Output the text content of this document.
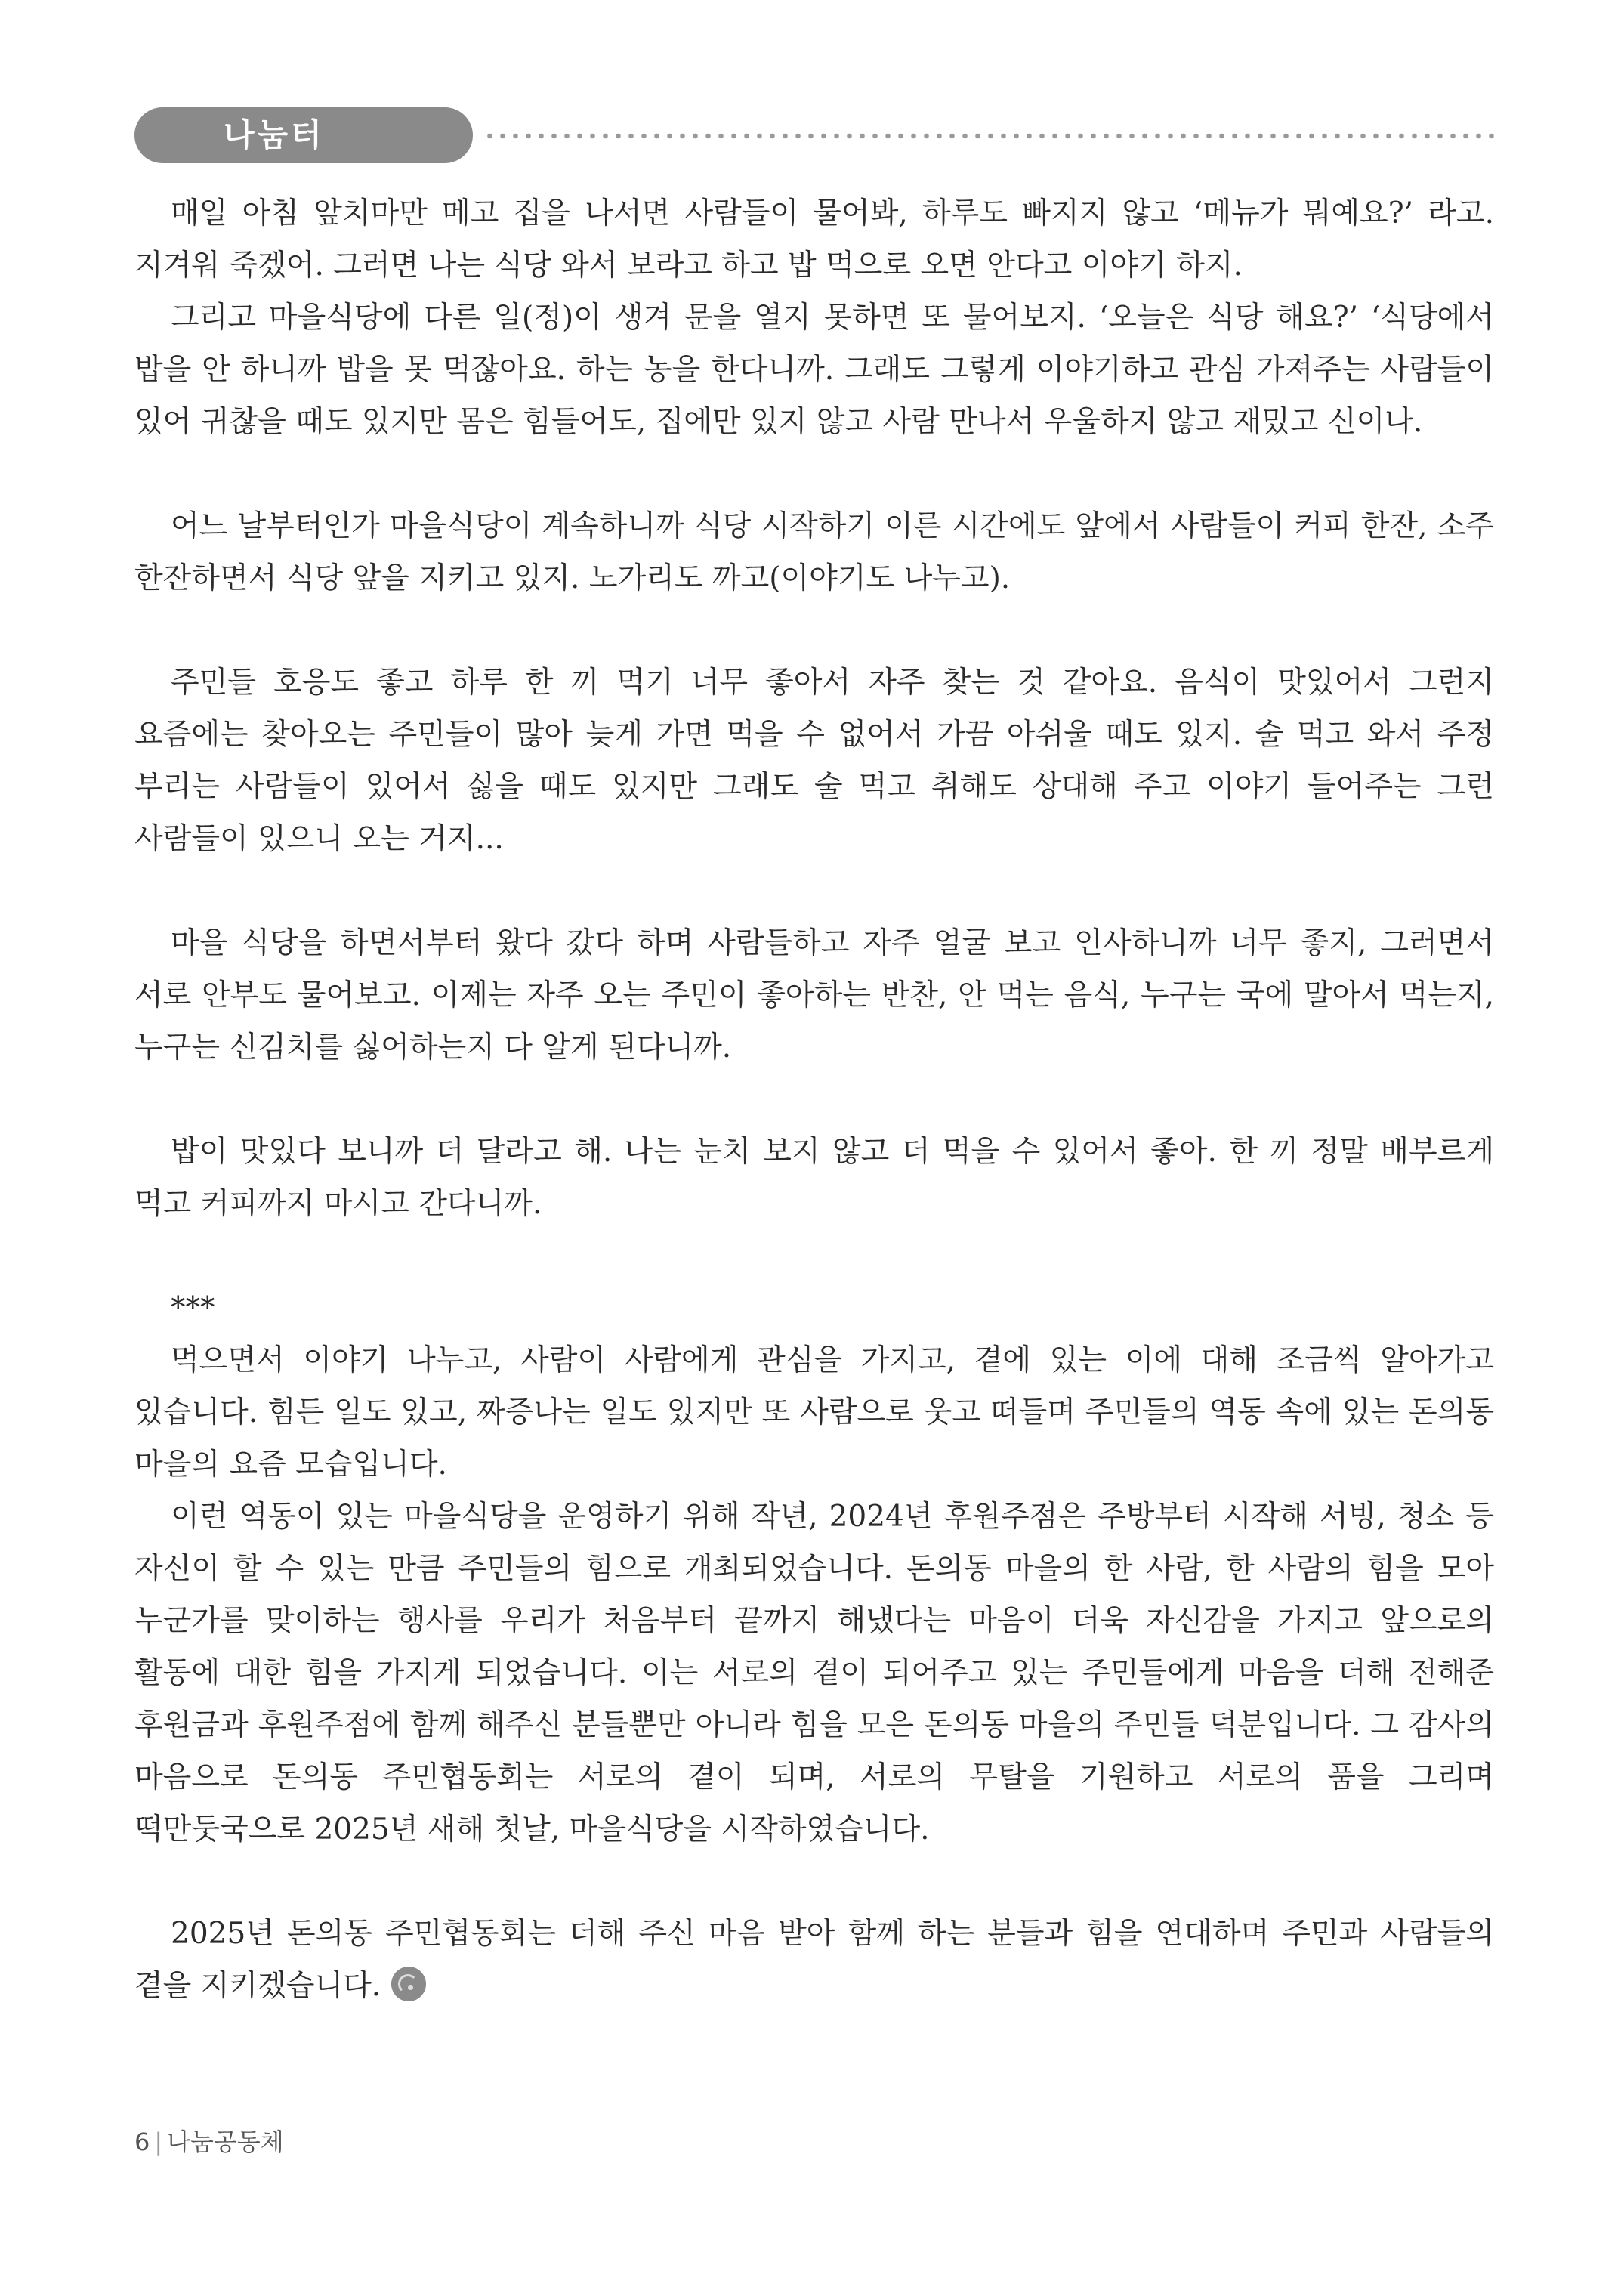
나눔터

매일 아침 앞치마만 메고 집을 나서면 사람들이 물어봐, 하루도 빠지지 않고 ‘메뉴가 뭐예요?’ 라고. 지겨워 죽겠어. 그러면 나는 식당 와서 보라고 하고 밥 먹으로 오면 안다고 이야기 하지.

그리고 마을식당에 다른 일(정)이 생겨 문을 열지 못하면 또 물어보지. ‘오늘은 식당 해요?’ ‘식당에서 밥을 안 하니까 밥을 못 먹잖아요. 하는 농을 한다니까. 그래도 그렇게 이야기하고 관심 가져주는 사람들이 있어 귀찮을 때도 있지만 몸은 힘들어도, 집에만 있지 않고 사람 만나서 우울하지 않고 재밌고 신이나.

어느 날부터인가 마을식당이 계속하니까 식당 시작하기 이른 시간에도 앞에서 사람들이 커피 한잔, 소주 한잔하면서 식당 앞을 지키고 있지. 노가리도 까고(이야기도 나누고).

주민들 호응도 좋고 하루 한 끼 먹기 너무 좋아서 자주 찾는 것 같아요. 음식이 맛있어서 그런지 요즘에는 찾아오는 주민들이 많아 늦게 가면 먹을 수 없어서 가끔 아쉬울 때도 있지. 술 먹고 와서 주정 부리는 사람들이 있어서 싫을 때도 있지만 그래도 술 먹고 취해도 상대해 주고 이야기 들어주는 그런 사람들이 있으니 오는 거지...

마을 식당을 하면서부터 왔다 갔다 하며 사람들하고 자주 얼굴 보고 인사하니까 너무 좋지, 그러면서 서로 안부도 물어보고. 이제는 자주 오는 주민이 좋아하는 반찬, 안 먹는 음식, 누구는 국에 말아서 먹는지, 누구는 신김치를 싫어하는지 다 알게 된다니까.

밥이 맛있다 보니까 더 달라고 해. 나는 눈치 보지 않고 더 먹을 수 있어서 좋아. 한 끼 정말 배부르게 먹고 커피까지 마시고 간다니까.

***

먹으면서 이야기 나누고, 사람이 사람에게 관심을 가지고, 곁에 있는 이에 대해 조금씩 알아가고 있습니다. 힘든 일도 있고, 짜증나는 일도 있지만 또 사람으로 웃고 떠들며 주민들의 역동 속에 있는 돈의동 마을의 요즘 모습입니다.

이런 역동이 있는 마을식당을 운영하기 위해 작년, 2024년 후원주점은 주방부터 시작해 서빙, 청소 등 자신이 할 수 있는 만큼 주민들의 힘으로 개최되었습니다. 돈의동 마을의 한 사람, 한 사람의 힘을 모아 누군가를 맞이하는 행사를 우리가 처음부터 끝까지 해냈다는 마음이 더욱 자신감을 가지고 앞으로의 활동에 대한 힘을 가지게 되었습니다. 이는 서로의 곁이 되어주고 있는 주민들에게 마음을 더해 전해준 후원금과 후원주점에 함께 해주신 분들뿐만 아니라 힘을 모은 돈의동 마을의 주민들 덕분입니다. 그 감사의 마음으로 돈의동 주민협동회는 서로의 곁이 되며, 서로의 무탈을 기원하고 서로의 품을 그리며 떡만둣국으로 2025년 새해 첫날, 마을식당을 시작하였습니다.

2025년 돈의동 주민협동회는 더해 주신 마음 받아 함께 하는 분들과 힘을 연대하며 주민과 사람들의 곁을 지키겠습니다.

6 | 나눔공동체
